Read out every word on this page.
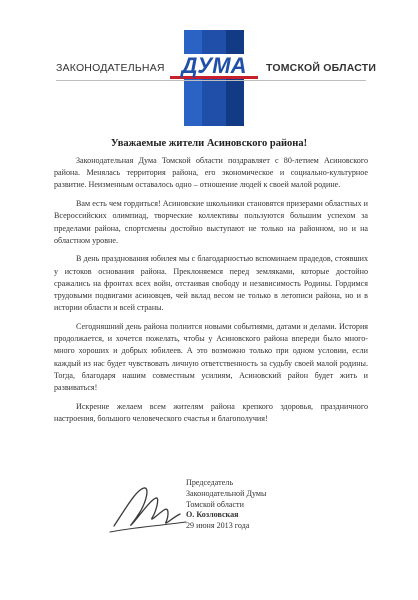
ЗАКОНОДАТЕЛЬНАЯ ДУМА ТОМСКОЙ ОБЛАСТИ
Уважаемые жители Асиновского района!

Законодательная Дума Томской области поздравляет с 80-летием Асиновского района. Менялась территория района, его экономическое и социально-культурное развитие. Неизменным оставалось одно – отношение людей к своей малой родине.

Вам есть чем гордиться! Асиновские школьники становятся призерами областных и Всероссийских олимпиад, творческие коллективы пользуются большим успехом за пределами района, спортсмены достойно выступают не только на районном, но и на областном уровне.

В день празднования юбилея мы с благодарностью вспоминаем прадедов, стоявших у истоков основания района. Преклоняемся перед земляками, которые достойно сражались на фронтах всех войн, отстаивая свободу и независимость Родины. Гордимся трудовыми подвигами асиновцев, чей вклад весом не только в летописи района, но и в истории области и всей страны.

Сегодняшний день района полнится новыми событиями, датами и делами. История продолжается, и хочется пожелать, чтобы у Асиновского района впереди было много-много хороших и добрых юбилеев. А это возможно только при одном условии, если каждый из нас будет чувствовать личную ответственность за судьбу своей малой родины. Тогда, благодаря нашим совместным усилиям, Асиновский район будет жить и развиваться!

Искренне желаем всем жителям района крепкого здоровья, праздничного настроения, большого человеческого счастья и благополучия!

Председатель
Законодательной Думы
Томской области
О. Козловская
29 июня 2013 года
